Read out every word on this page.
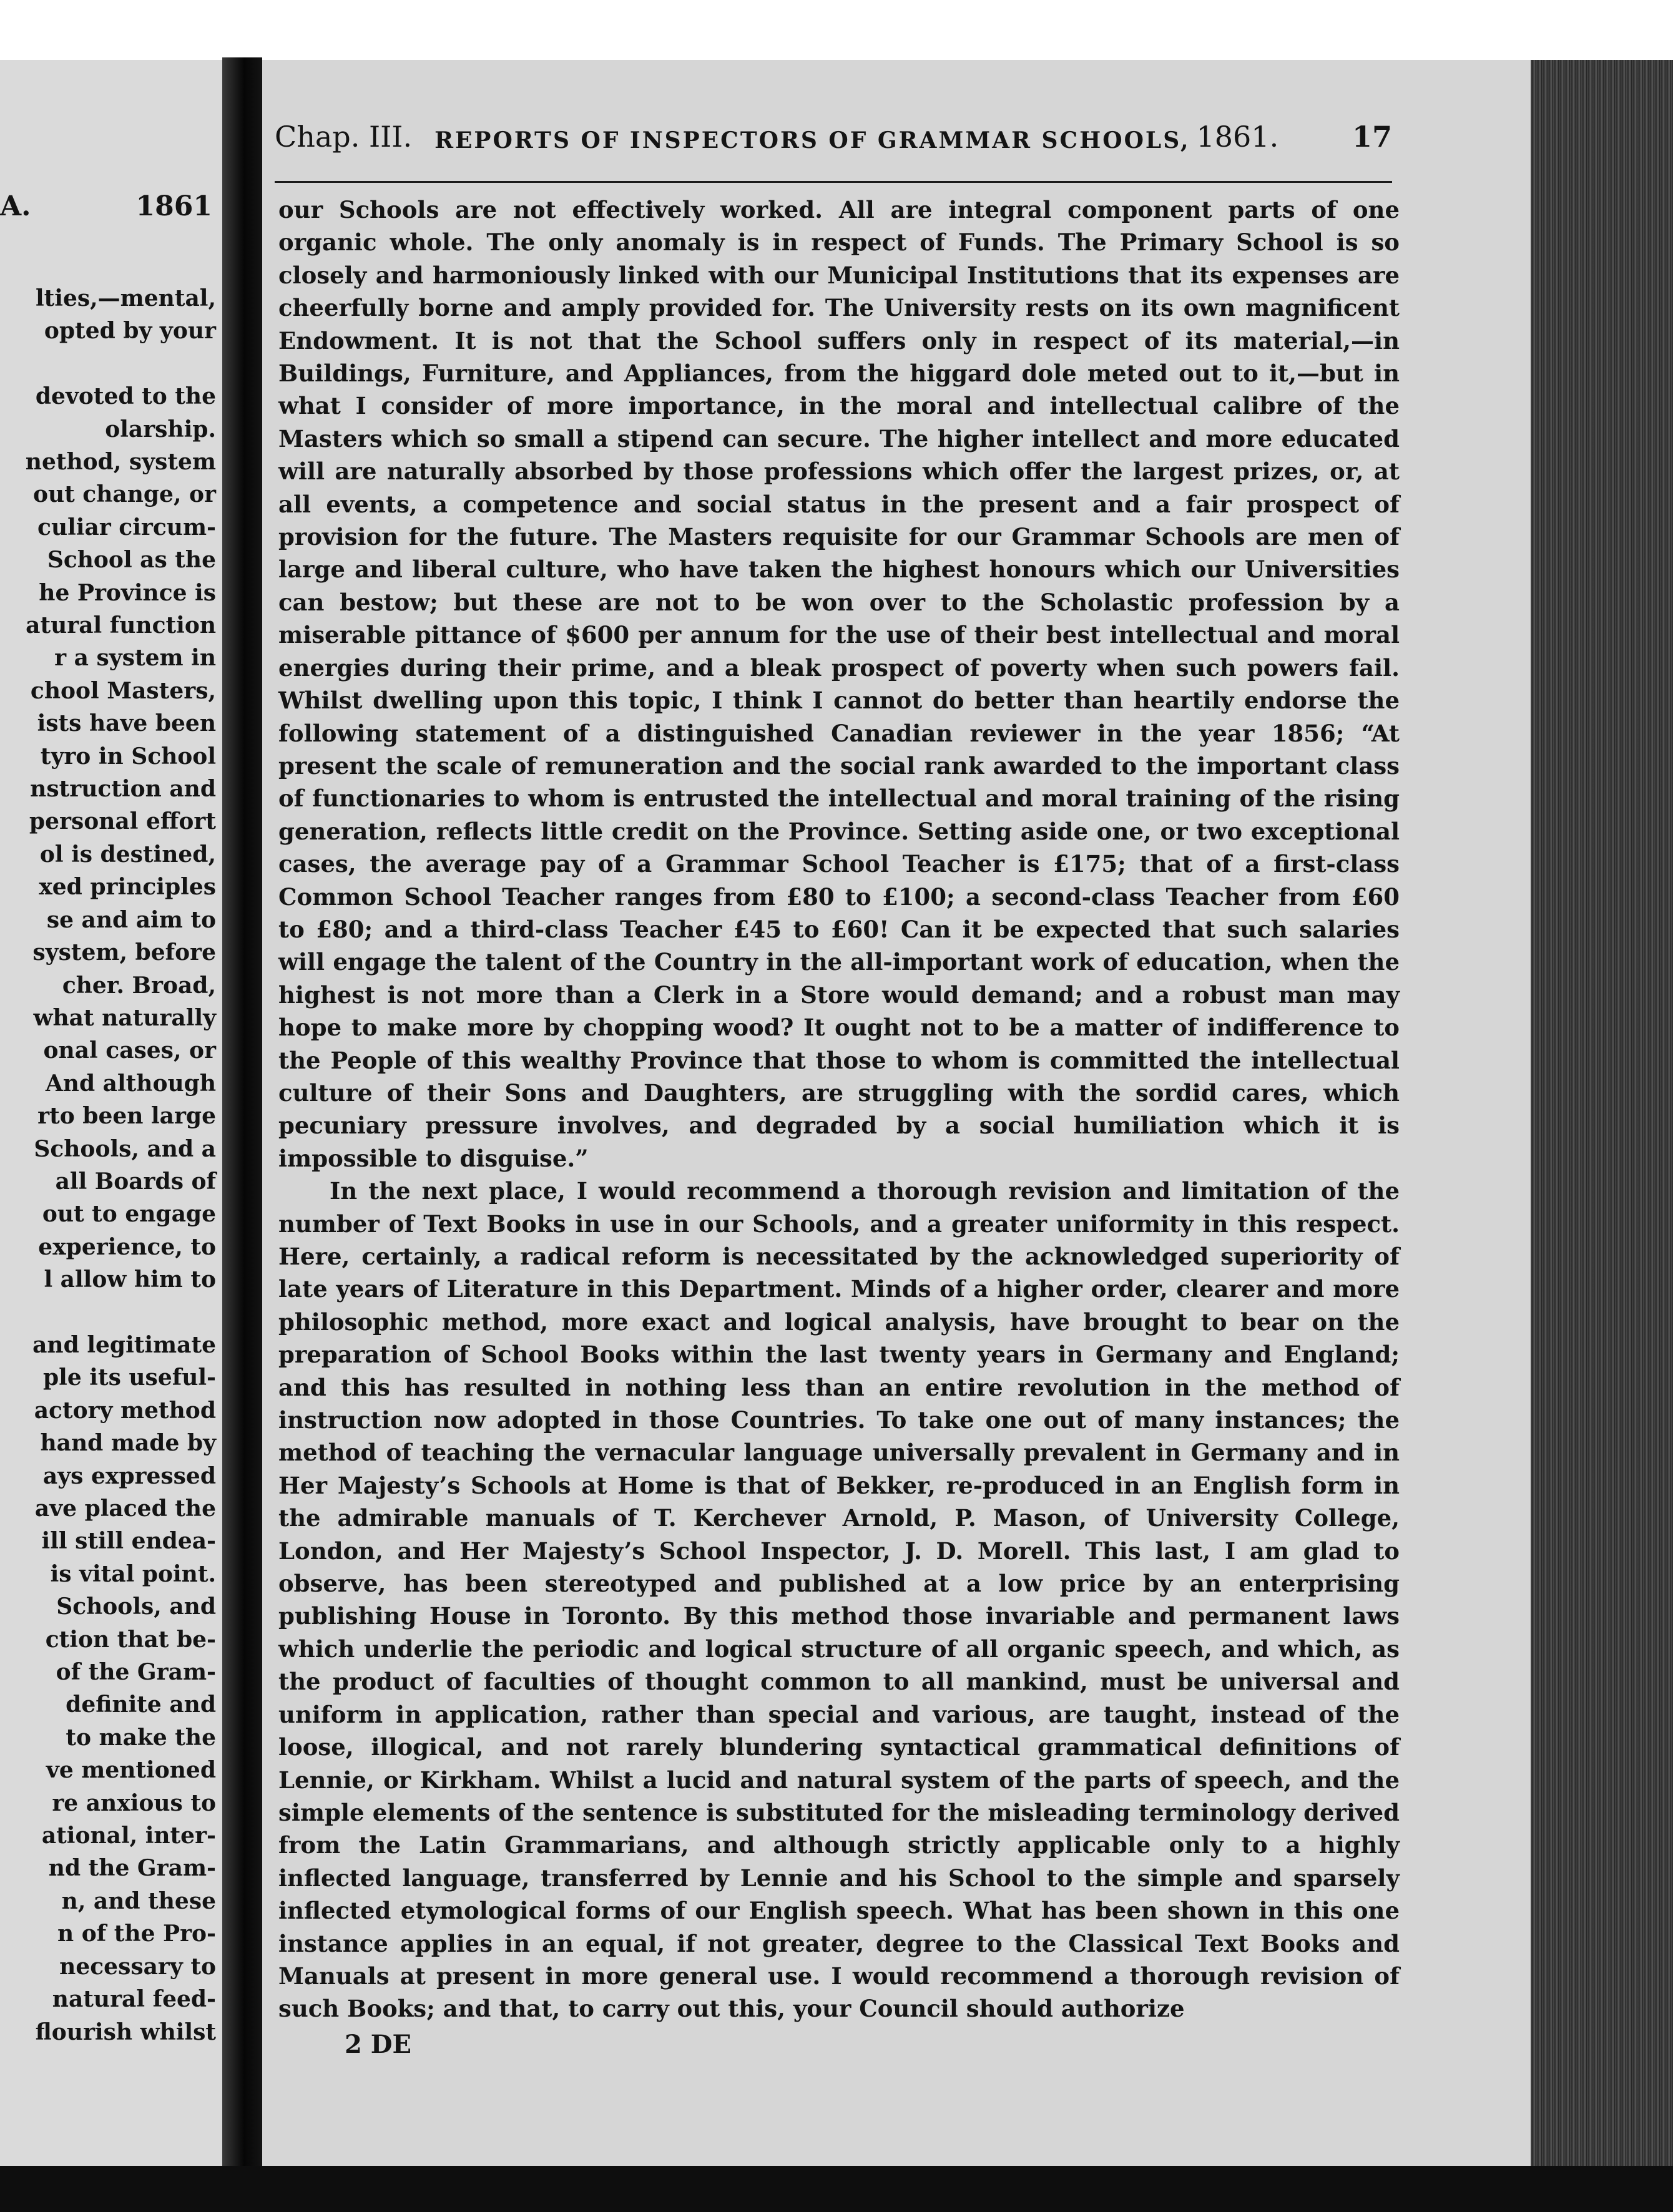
A.	1861
lties,—mental,
opted by your
devoted to the
olarship.
nethod, system
out change, or
culiar circum-
School as the
he Province is
atural function
r a system in
chool Masters,
ists have been
tyro in School
nstruction and
personal effort
ol is destined,
xed principles
se and aim to
system, before
cher. Broad,
what naturally
onal cases, or
And although
rto been large
Schools, and a
all Boards of
out to engage
experience, to
l allow him to
and legitimate
ple its useful-
actory method
hand made by
ays expressed
ave placed the
ill still endea-
is vital point.
Schools, and
ction that be-
of the Gram-
definite and
to make the
ve mentioned
re anxious to
ational, inter-
nd the Gram-
n, and these
n of the Pro-
necessary to
natural feed-
flourish whilst
Chap. III. REPORTS OF INSPECTORS OF GRAMMAR SCHOOLS, 1861.	17

our Schools are not effectively worked. All are integral component parts of one organic whole. The only anomaly is in respect of Funds. The Primary School is so closely and harmoniously linked with our Municipal Institutions that its expenses are cheerfully borne and amply provided for. The University rests on its own magnificent Endowment. It is not that the School suffers only in respect of its material,—in Buildings, Furniture, and Appliances, from the higgard dole meted out to it,—but in what I consider of more importance, in the moral and intellectual calibre of the Masters which so small a stipend can secure. The higher intellect and more educated will are naturally absorbed by those professions which offer the largest prizes, or, at all events, a competence and social status in the present and a fair prospect of provision for the future. The Masters requisite for our Grammar Schools are men of large and liberal culture, who have taken the highest honours which our Universities can bestow; but these are not to be won over to the Scholastic profession by a miserable pittance of $600 per annum for the use of their best intellectual and moral energies during their prime, and a bleak prospect of poverty when such powers fail. Whilst dwelling upon this topic, I think I cannot do better than heartily endorse the following statement of a distinguished Canadian reviewer in the year 1856; “At present the scale of remuneration and the social rank awarded to the important class of functionaries to whom is entrusted the intellectual and moral training of the rising generation, reflects little credit on the Province. Setting aside one, or two exceptional cases, the average pay of a Grammar School Teacher is £175; that of a first-class Common School Teacher ranges from £80 to £100; a second-class Teacher from £60 to £80; and a third-class Teacher £45 to £60! Can it be expected that such salaries will engage the talent of the Country in the all-important work of education, when the highest is not more than a Clerk in a Store would demand; and a robust man may hope to make more by chopping wood? It ought not to be a matter of indifference to the People of this wealthy Province that those to whom is committed the intellectual culture of their Sons and Daughters, are struggling with the sordid cares, which pecuniary pressure involves, and degraded by a social humiliation which it is impossible to disguise.”

In the next place, I would recommend a thorough revision and limitation of the number of Text Books in use in our Schools, and a greater uniformity in this respect. Here, certainly, a radical reform is necessitated by the acknowledged superiority of late years of Literature in this Department. Minds of a higher order, clearer and more philosophic method, more exact and logical analysis, have brought to bear on the preparation of School Books within the last twenty years in Germany and England; and this has resulted in nothing less than an entire revolution in the method of instruction now adopted in those Countries. To take one out of many instances; the method of teaching the vernacular language universally prevalent in Germany and in Her Majesty’s Schools at Home is that of Bekker, re-produced in an English form in the admirable manuals of T. Kerchever Arnold, P. Mason, of University College, London, and Her Majesty’s School Inspector, J. D. Morell. This last, I am glad to observe, has been stereotyped and published at a low price by an enterprising publishing House in Toronto. By this method those invariable and permanent laws which underlie the periodic and logical structure of all organic speech, and which, as the product of faculties of thought common to all mankind, must be universal and uniform in application, rather than special and various, are taught, instead of the loose, illogical, and not rarely blundering syntactical grammatical definitions of Lennie, or Kirkham. Whilst a lucid and natural system of the parts of speech, and the simple elements of the sentence is substituted for the misleading terminology derived from the Latin Grammarians, and although strictly applicable only to a highly inflected language, transferred by Lennie and his School to the simple and sparsely inflected etymological forms of our English speech. What has been shown in this one instance applies in an equal, if not greater, degree to the Classical Text Books and Manuals at present in more general use. I would recommend a thorough revision of such Books; and that, to carry out this, your Council should authorize

2 DE
